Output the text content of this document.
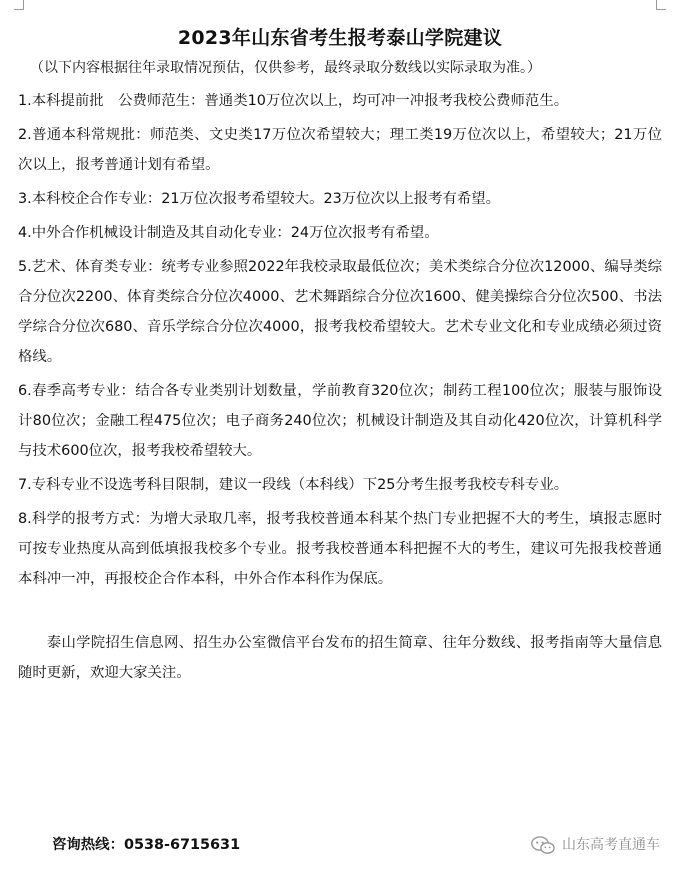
2023年山东省考生报考泰山学院建议

（以下内容根据往年录取情况预估，仅供参考，最终录取分数线以实际录取为准。）

1.本科提前批　公费师范生：普通类10万位次以上，均可冲一冲报考我校公费师范生。

2.普通本科常规批：师范类、文史类17万位次希望较大；理工类19万位次以上，希望较大；21万位次以上，报考普通计划有希望。

3.本科校企合作专业：21万位次报考希望较大。23万位次以上报考有希望。

4.中外合作机械设计制造及其自动化专业：24万位次报考有希望。

5.艺术、体育类专业：统考专业参照2022年我校录取最低位次；美术类综合分位次12000、编导类综合分位次2200、体育类综合分位次4000、艺术舞蹈综合分位次1600、健美操综合分位次500、书法学综合分位次680、音乐学综合分位次4000，报考我校希望较大。艺术专业文化和专业成绩必须过资格线。

6.春季高考专业：结合各专业类别计划数量，学前教育320位次；制药工程100位次；服装与服饰设计80位次；金融工程475位次；电子商务240位次；机械设计制造及其自动化420位次，计算机科学与技术600位次，报考我校希望较大。

7.专科专业不设选考科目限制，建议一段线（本科线）下25分考生报考我校专科专业。

8.科学的报考方式：为增大录取几率，报考我校普通本科某个热门专业把握不大的考生，填报志愿时可按专业热度从高到低填报我校多个专业。报考我校普通本科把握不大的考生，建议可先报我校普通本科冲一冲，再报校企合作本科，中外合作本科作为保底。

泰山学院招生信息网、招生办公室微信平台发布的招生简章、往年分数线、报考指南等大量信息随时更新，欢迎大家关注。

咨询热线：0538-6715631	山东高考直通车
